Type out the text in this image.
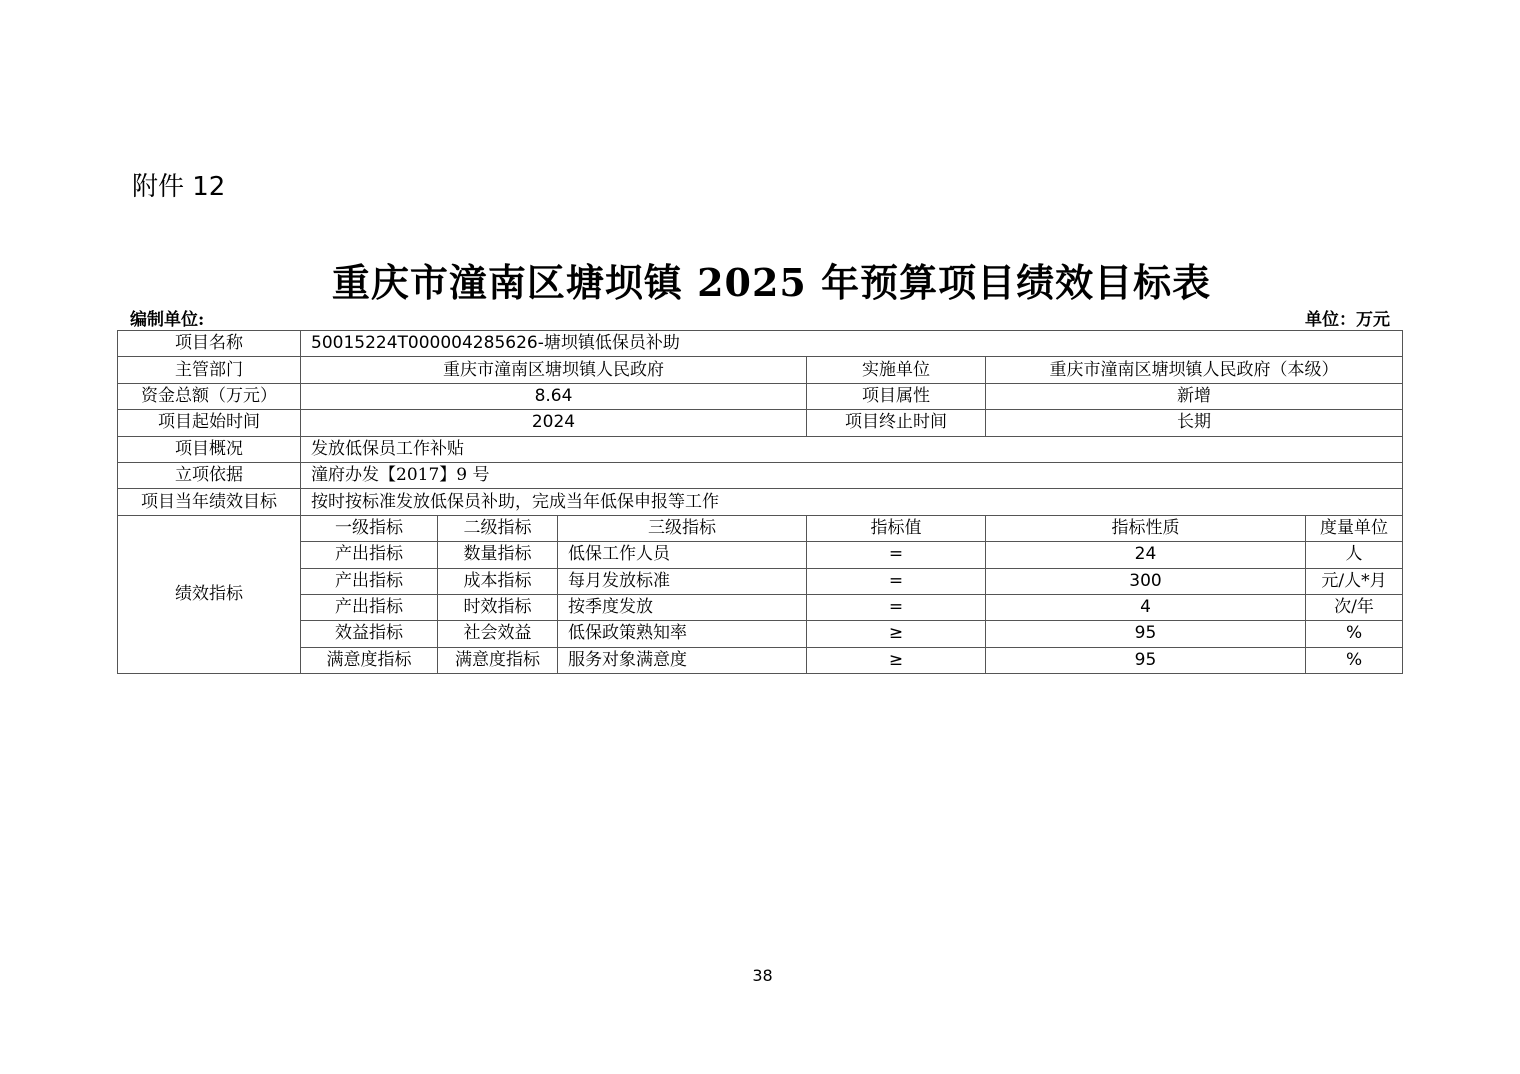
附件 12
重庆市潼南区塘坝镇 2025 年预算项目绩效目标表
编制单位:	单位：万元
项目名称	50015224T000004285626-塘坝镇低保员补助					
主管部门	重庆市潼南区塘坝镇人民政府			实施单位	重庆市潼南区塘坝镇人民政府（本级）	
资金总额（万元）	8.64			项目属性	新增	
项目起始时间	2024			项目终止时间	长期	
项目概况	发放低保员工作补贴					
立项依据	潼府办发【2017】9 号					
项目当年绩效目标	按时按标准发放低保员补助，完成当年低保申报等工作					
绩效指标	一级指标	二级指标	三级指标	指标值	指标性质	度量单位
	产出指标	数量指标	低保工作人员	=	24	人
	产出指标	成本指标	每月发放标准	=	300	元/人*月
	产出指标	时效指标	按季度发放	=	4	次/年
	效益指标	社会效益	低保政策熟知率	≥	95	%
	满意度指标	满意度指标	服务对象满意度	≥	95	%
38
